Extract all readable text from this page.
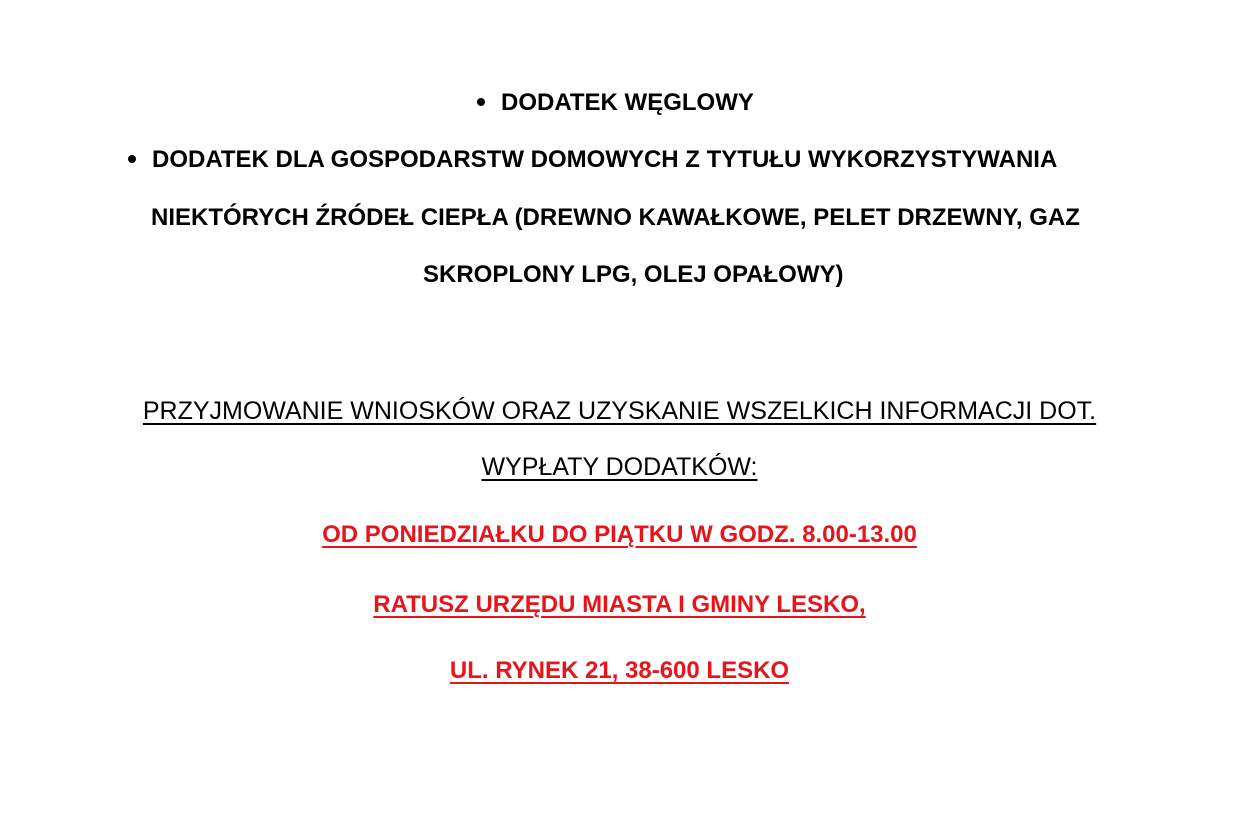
DODATEK WĘGLOWY
DODATEK DLA GOSPODARSTW DOMOWYCH Z TYTUŁU WYKORZYSTYWANIA
NIEKTÓRYCH ŹRÓDEŁ CIEPŁA (DREWNO KAWAŁKOWE, PELET DRZEWNY, GAZ
SKROPLONY LPG, OLEJ OPAŁOWY)
PRZYJMOWANIE WNIOSKÓW ORAZ UZYSKANIE WSZELKICH INFORMACJI DOT.
WYPŁATY DODATKÓW:
OD PONIEDZIAŁKU DO PIĄTKU W GODZ. 8.00-13.00
RATUSZ URZĘDU MIASTA I GMINY LESKO,
UL. RYNEK 21, 38-600 LESKO
